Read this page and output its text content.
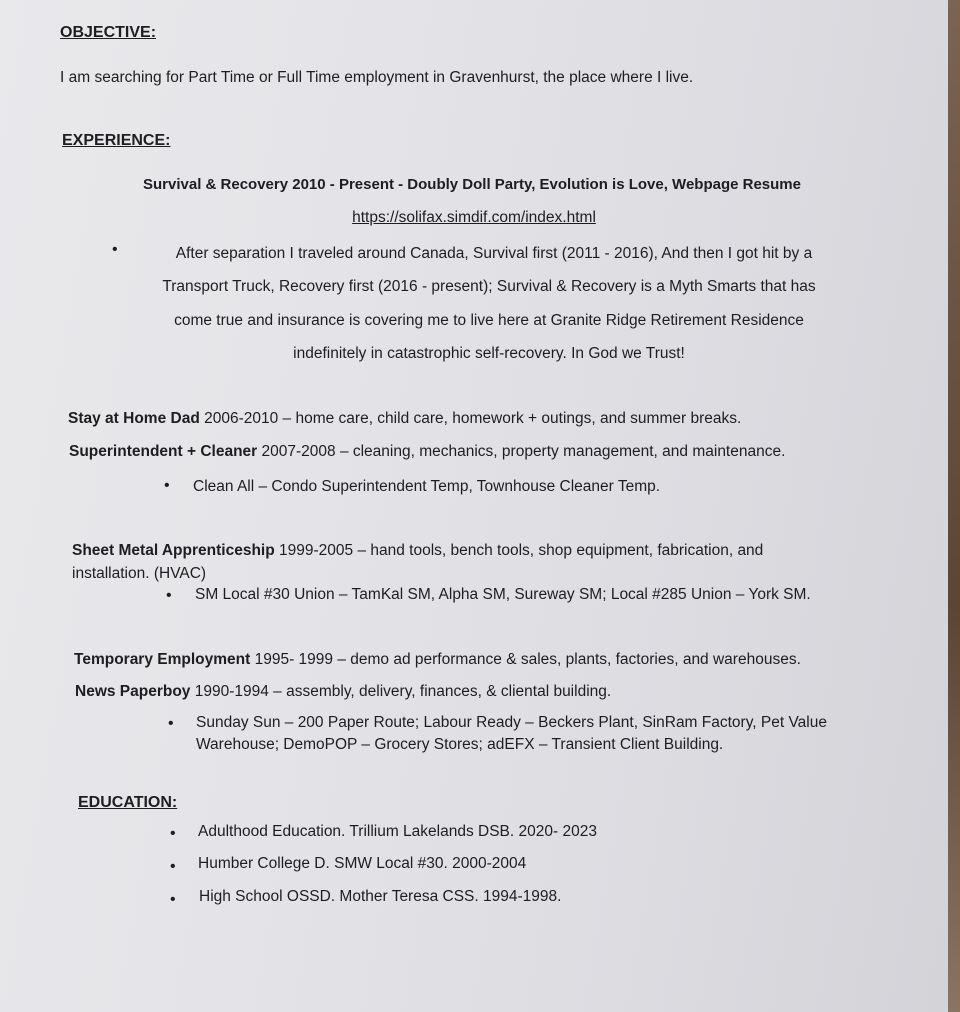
OBJECTIVE:
I am searching for Part Time or Full Time employment in Gravenhurst, the place where I live.
EXPERIENCE:
Survival & Recovery 2010 - Present - Doubly Doll Party, Evolution is Love, Webpage Resume
https://solifax.simdif.com/index.html
•	After separation I traveled around Canada, Survival first (2011 - 2016), And then I got hit by a
Transport Truck, Recovery first (2016 - present); Survival & Recovery is a Myth Smarts that has
come true and insurance is covering me to live here at Granite Ridge Retirement Residence
indefinitely in catastrophic self-recovery. In God we Trust!
Stay at Home Dad 2006-2010 – home care, child care, homework + outings, and summer breaks.
Superintendent + Cleaner 2007-2008 – cleaning, mechanics, property management, and maintenance.
• Clean All – Condo Superintendent Temp, Townhouse Cleaner Temp.
Sheet Metal Apprenticeship 1999-2005 – hand tools, bench tools, shop equipment, fabrication, and
installation. (HVAC)
• SM Local #30 Union – TamKal SM, Alpha SM, Sureway SM; Local #285 Union – York SM.
Temporary Employment 1995- 1999 – demo ad performance & sales, plants, factories, and warehouses.
News Paperboy 1990-1994 – assembly, delivery, finances, & cliental building.
• Sunday Sun – 200 Paper Route; Labour Ready – Beckers Plant, SinRam Factory, Pet Value
Warehouse; DemoPOP – Grocery Stores; adEFX – Transient Client Building.
EDUCATION:
• Adulthood Education. Trillium Lakelands DSB. 2020- 2023
• Humber College D. SMW Local #30. 2000-2004
• High School OSSD. Mother Teresa CSS. 1994-1998.
